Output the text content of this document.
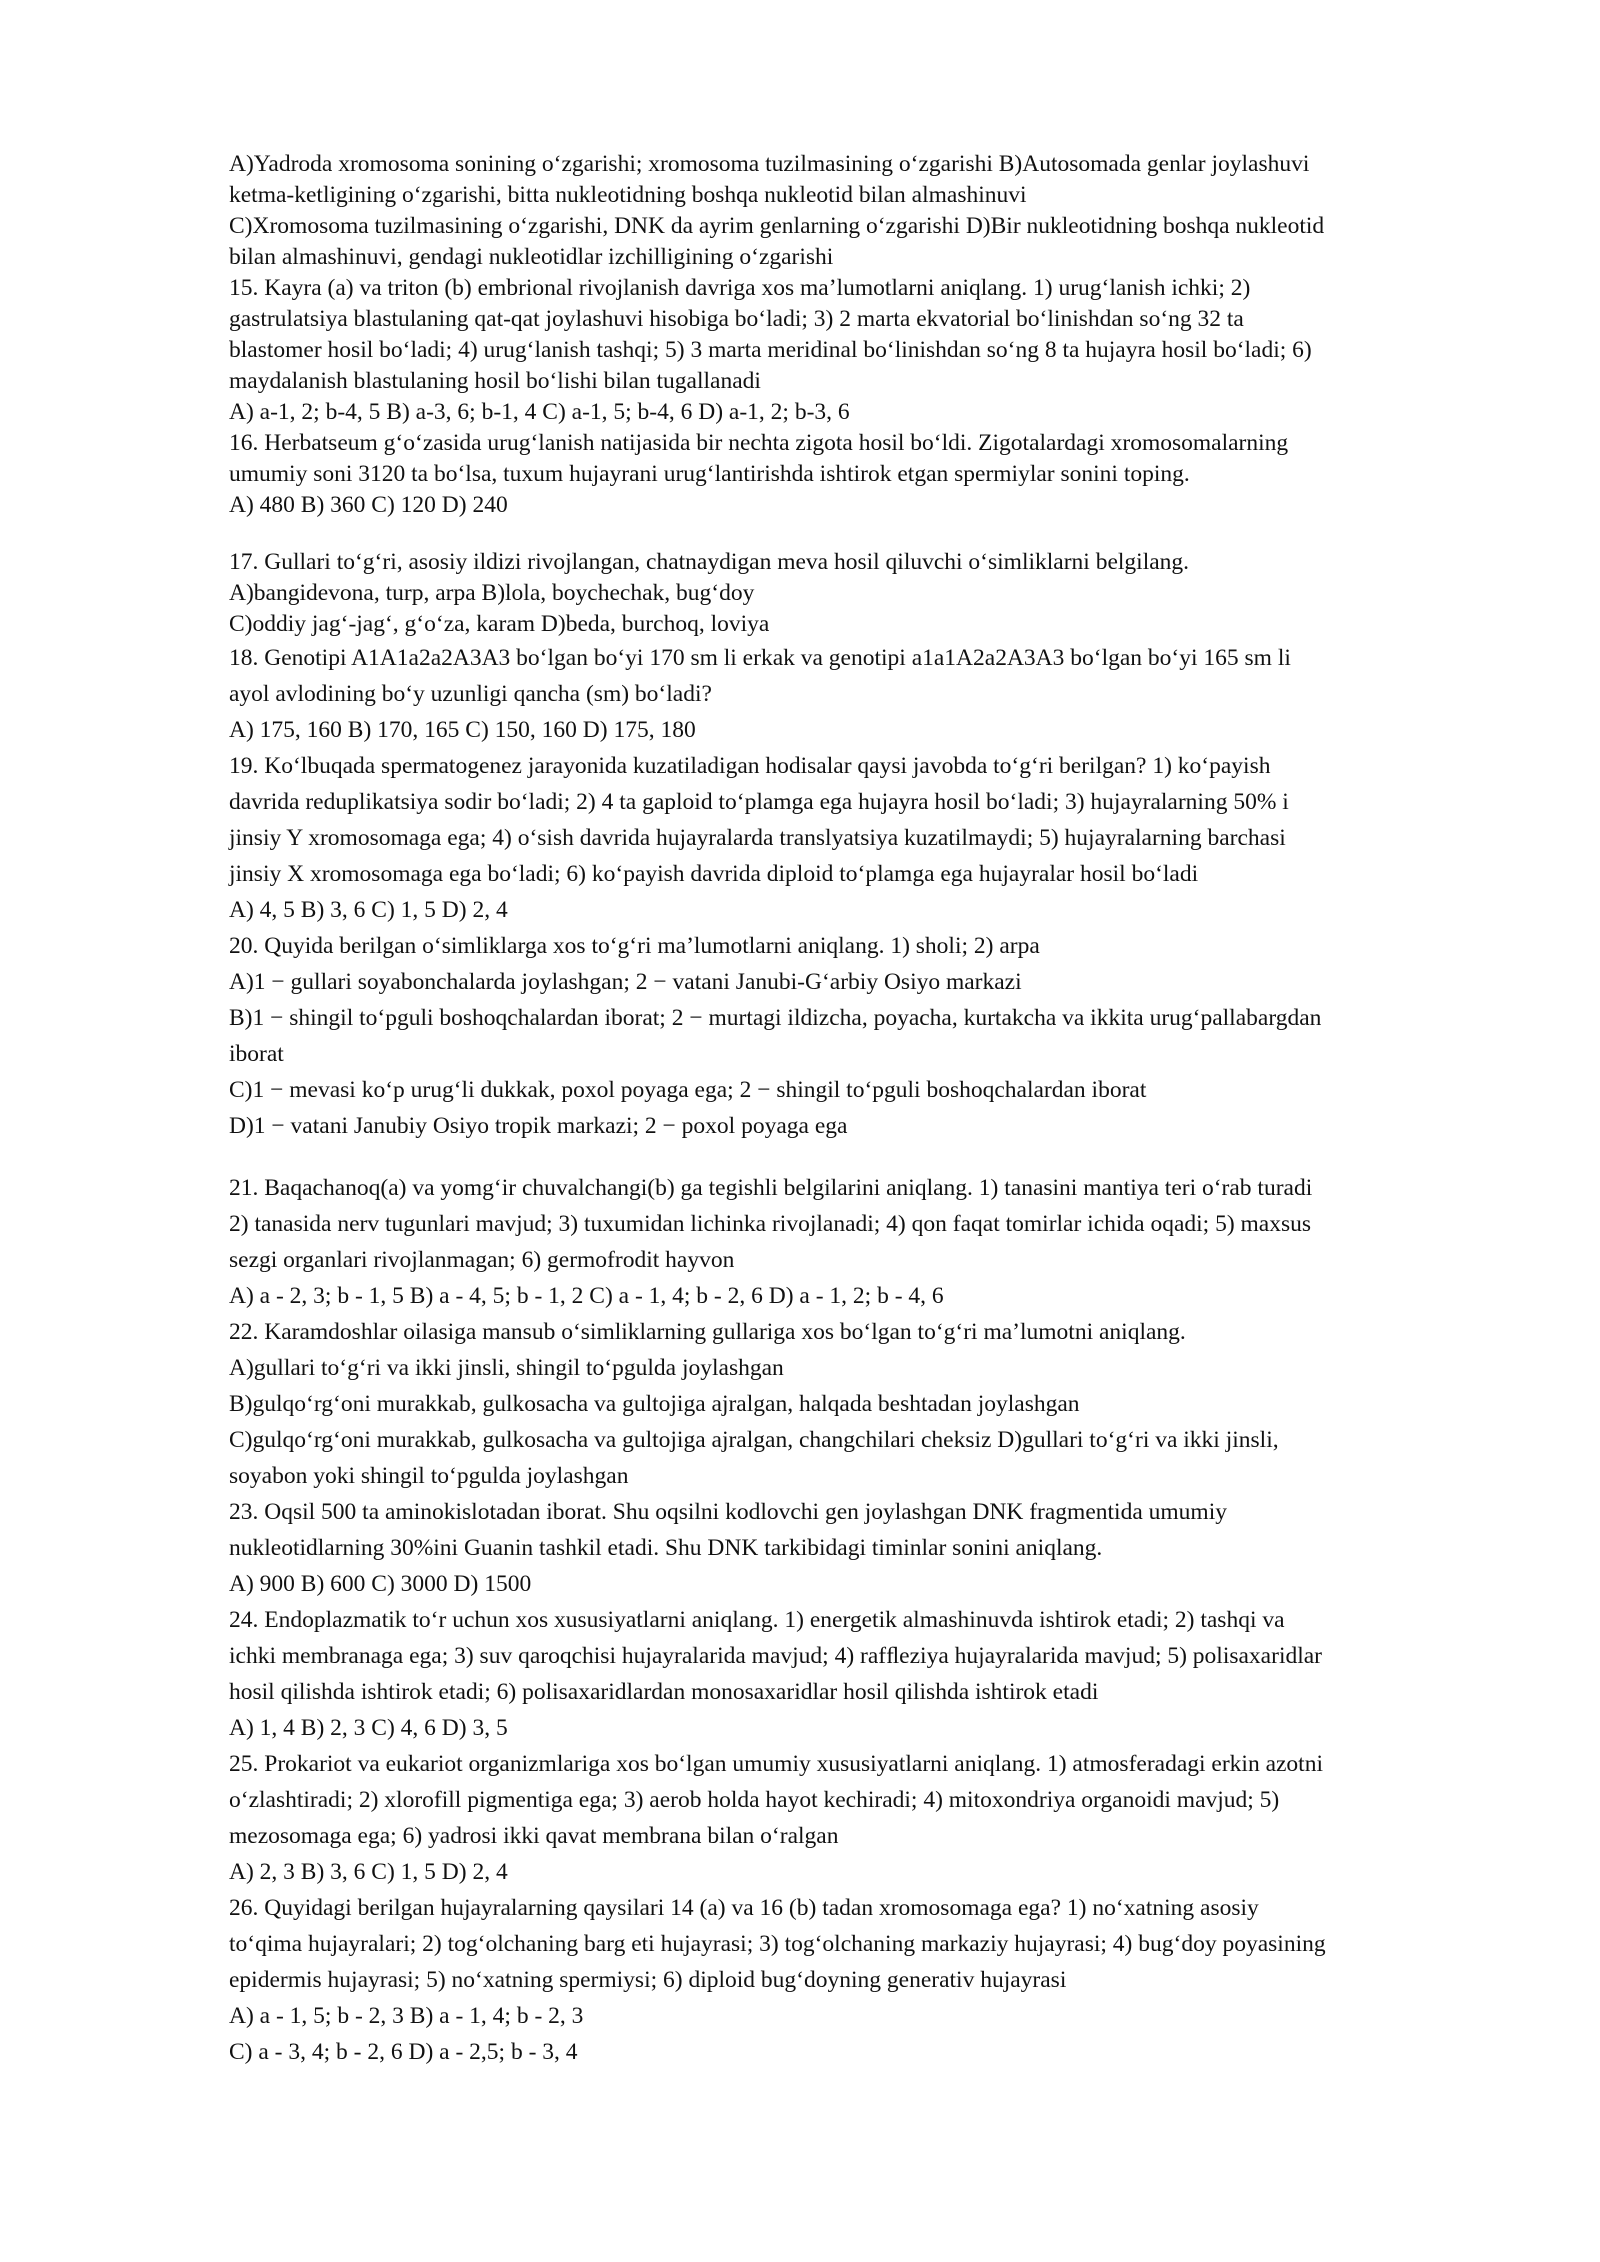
A)Yadroda xromosoma sonining o‘zgarishi; xromosoma tuzilmasining o‘zgarishi B)Autosomada genlar joylashuvi
ketma-ketligining o‘zgarishi, bitta nukleotidning boshqa nukleotid bilan almashinuvi
C)Xromosoma tuzilmasining o‘zgarishi, DNK da ayrim genlarning o‘zgarishi D)Bir nukleotidning boshqa nukleotid
bilan almashinuvi, gendagi nukleotidlar izchilligining o‘zgarishi
15. Kayra (a) va triton (b) embrional rivojlanish davriga xos ma’lumotlarni aniqlang. 1) urug‘lanish ichki; 2)
gastrulatsiya blastulaning qat-qat joylashuvi hisobiga bo‘ladi; 3) 2 marta ekvatorial bo‘linishdan so‘ng 32 ta
blastomer hosil bo‘ladi; 4) urug‘lanish tashqi; 5) 3 marta meridinal bo‘linishdan so‘ng 8 ta hujayra hosil bo‘ladi; 6)
maydalanish blastulaning hosil bo‘lishi bilan tugallanadi
A) a-1, 2; b-4, 5 B) a-3, 6; b-1, 4 C) a-1, 5; b-4, 6 D) a-1, 2; b-3, 6
16. Herbatseum g‘o‘zasida urug‘lanish natijasida bir nechta zigota hosil bo‘ldi. Zigotalardagi xromosomalarning
umumiy soni 3120 ta bo‘lsa, tuxum hujayrani urug‘lantirishda ishtirok etgan spermiylar sonini toping.
A) 480 B) 360 C) 120 D) 240
17. Gullari to‘g‘ri, asosiy ildizi rivojlangan, chatnaydigan meva hosil qiluvchi o‘simliklarni belgilang.
A)bangidevona, turp, arpa B)lola, boychechak, bug‘doy
C)oddiy jag‘-jag‘, g‘o‘za, karam D)beda, burchoq, loviya
18. Genotipi A1A1a2a2A3A3 bo‘lgan bo‘yi 170 sm li erkak va genotipi a1a1A2a2A3A3 bo‘lgan bo‘yi 165 sm li
ayol avlodining bo‘y uzunligi qancha (sm) bo‘ladi?
A) 175, 160 B) 170, 165 C) 150, 160 D) 175, 180
19. Ko‘lbuqada spermatogenez jarayonida kuzatiladigan hodisalar qaysi javobda to‘g‘ri berilgan? 1) ko‘payish
davrida reduplikatsiya sodir bo‘ladi; 2) 4 ta gaploid to‘plamga ega hujayra hosil bo‘ladi; 3) hujayralarning 50% i
jinsiy Y xromosomaga ega; 4) o‘sish davrida hujayralarda translyatsiya kuzatilmaydi; 5) hujayralarning barchasi
jinsiy X xromosomaga ega bo‘ladi; 6) ko‘payish davrida diploid to‘plamga ega hujayralar hosil bo‘ladi
A) 4, 5 B) 3, 6 C) 1, 5 D) 2, 4
20. Quyida berilgan o‘simliklarga xos to‘g‘ri ma’lumotlarni aniqlang. 1) sholi; 2) arpa
A)1 − gullari soyabonchalarda joylashgan; 2 − vatani Janubi-G‘arbiy Osiyo markazi
B)1 − shingil to‘pguli boshoqchalardan iborat; 2 − murtagi ildizcha, poyacha, kurtakcha va ikkita urug‘pallabargdan
iborat
C)1 − mevasi ko‘p urug‘li dukkak, poxol poyaga ega; 2 − shingil to‘pguli boshoqchalardan iborat
D)1 − vatani Janubiy Osiyo tropik markazi; 2 − poxol poyaga ega
21. Baqachanoq(a) va yomg‘ir chuvalchangi(b) ga tegishli belgilarini aniqlang. 1) tanasini mantiya teri o‘rab turadi
2) tanasida nerv tugunlari mavjud; 3) tuxumidan lichinka rivojlanadi; 4) qon faqat tomirlar ichida oqadi; 5) maxsus
sezgi organlari rivojlanmagan; 6) germofrodit hayvon
A) a - 2, 3; b - 1, 5 B) a - 4, 5; b - 1, 2 C) a - 1, 4; b - 2, 6 D) a - 1, 2; b - 4, 6
22. Karamdoshlar oilasiga mansub o‘simliklarning gullariga xos bo‘lgan to‘g‘ri ma’lumotni aniqlang.
A)gullari to‘g‘ri va ikki jinsli, shingil to‘pgulda joylashgan
B)gulqo‘rg‘oni murakkab, gulkosacha va gultojiga ajralgan, halqada beshtadan joylashgan
C)gulqo‘rg‘oni murakkab, gulkosacha va gultojiga ajralgan, changchilari cheksiz D)gullari to‘g‘ri va ikki jinsli,
soyabon yoki shingil to‘pgulda joylashgan
23. Oqsil 500 ta aminokislotadan iborat. Shu oqsilni kodlovchi gen joylashgan DNK fragmentida umumiy
nukleotidlarning 30%ini Guanin tashkil etadi. Shu DNK tarkibidagi timinlar sonini aniqlang.
A) 900 B) 600 C) 3000 D) 1500
24. Endoplazmatik to‘r uchun xos xususiyatlarni aniqlang. 1) energetik almashinuvda ishtirok etadi; 2) tashqi va
ichki membranaga ega; 3) suv qaroqchisi hujayralarida mavjud; 4) rafﬂeziya hujayralarida mavjud; 5) polisaxaridlar
hosil qilishda ishtirok etadi; 6) polisaxaridlardan monosaxaridlar hosil qilishda ishtirok etadi
A) 1, 4 B) 2, 3 C) 4, 6 D) 3, 5
25. Prokariot va eukariot organizmlariga xos bo‘lgan umumiy xususiyatlarni aniqlang. 1) atmosferadagi erkin azotni
o‘zlashtiradi; 2) xlorofill pigmentiga ega; 3) aerob holda hayot kechiradi; 4) mitoxondriya organoidi mavjud; 5)
mezosomaga ega; 6) yadrosi ikki qavat membrana bilan o‘ralgan
A) 2, 3 B) 3, 6 C) 1, 5 D) 2, 4
26. Quyidagi berilgan hujayralarning qaysilari 14 (a) va 16 (b) tadan xromosomaga ega? 1) no‘xatning asosiy
to‘qima hujayralari; 2) tog‘olchaning barg eti hujayrasi; 3) tog‘olchaning markaziy hujayrasi; 4) bug‘doy poyasining
epidermis hujayrasi; 5) no‘xatning spermiysi; 6) diploid bug‘doyning generativ hujayrasi
A) a - 1, 5; b - 2, 3 B) a - 1, 4; b - 2, 3
C) a - 3, 4; b - 2, 6 D) a - 2,5; b - 3, 4
